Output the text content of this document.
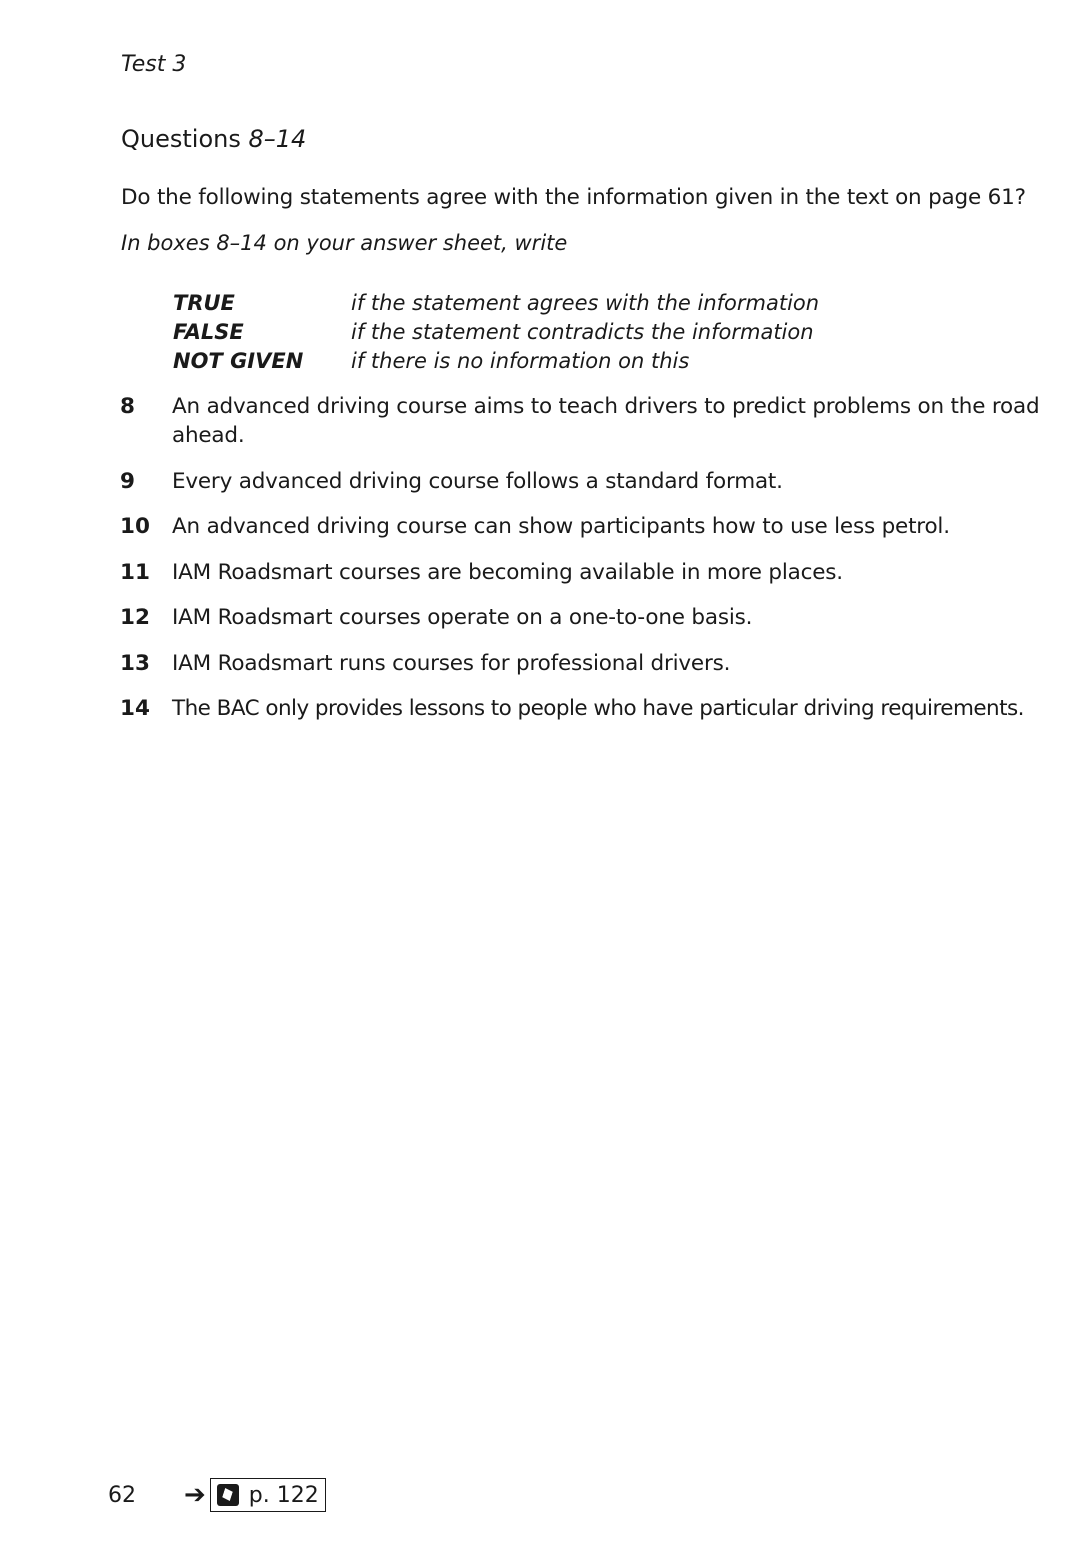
Test 3
Questions 8–14
Do the following statements agree with the information given in the text on page 61?
In boxes 8–14 on your answer sheet, write
TRUE	if the statement agrees with the information
FALSE	if the statement contradicts the information
NOT GIVEN	if there is no information on this
8	An advanced driving course aims to teach drivers to predict problems on the road ahead.
9	Every advanced driving course follows a standard format.
10	An advanced driving course can show participants how to use less petrol.
11	IAM Roadsmart courses are becoming available in more places.
12	IAM Roadsmart courses operate on a one-to-one basis.
13	IAM Roadsmart runs courses for professional drivers.
14	The BAC only provides lessons to people who have particular driving requirements.
62	➔ p. 122
